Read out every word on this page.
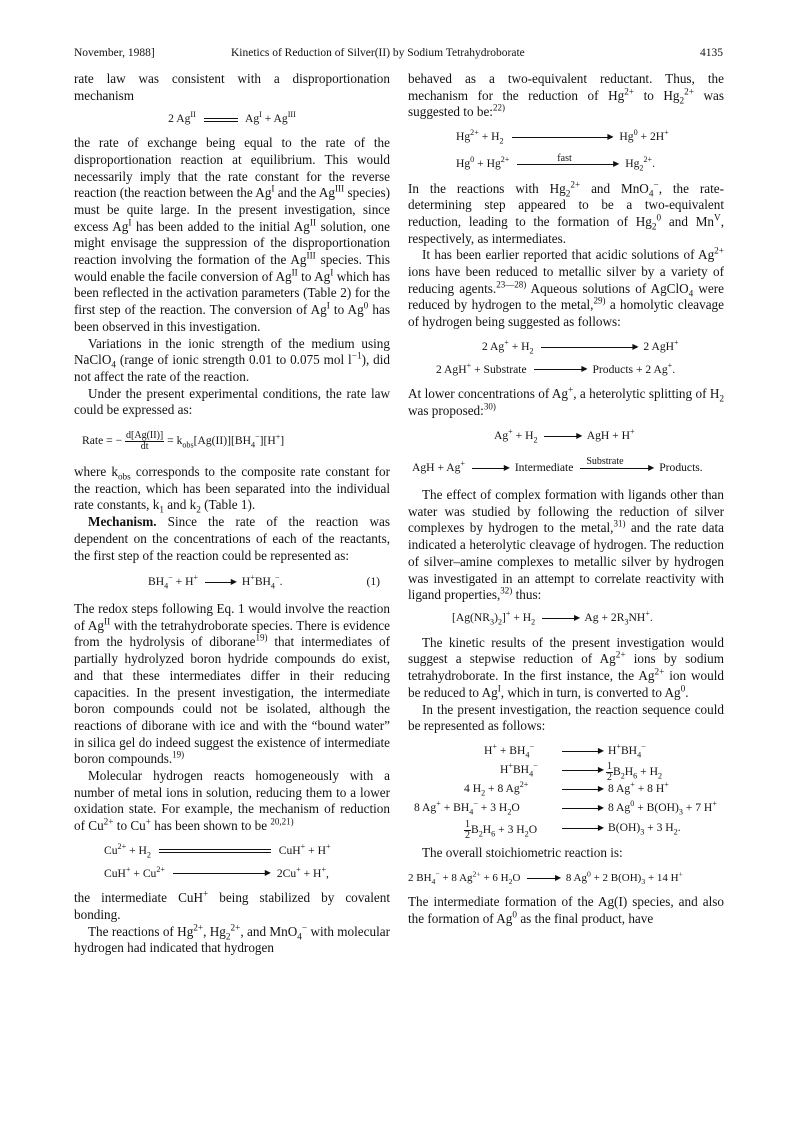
November, 1988]	Kinetics of Reduction of Silver(II) by Sodium Tetrahydroborate	4135

rate law was consistent with a disproportionation mechanism

2 $Ag^{II}$	$Ag^I + Ag^{III}$

the rate of exchange being equal to the rate of the disproportionation reaction at equilibrium. This would necessarily imply that the rate constant for the reverse reaction (the reaction between the $Ag^I$ and the $Ag^{III}$ species) must be quite large. In the present investigation, since excess $Ag^I$ has been added to the initial $Ag^{II}$ solution, one might envisage the suppression of the disproportionation reaction involving the formation of the $Ag^{III}$ species. This would enable the facile conversion of $Ag^{II}$ to $Ag^I$ which has been reflected in the activation parameters (Table 2) for the first step of the reaction. The conversion of $Ag^I$ to Ag$^0$ has been observed in this investigation.

Variations in the ionic strength of the medium using NaClO$_4$ (range of ionic strength 0.01 to 0.075 mol $l^{-1}$), did not affect the rate of the reaction.

Under the present experimental conditions, the rate law could be expressed as:

Rate = − $\frac{d[Ag(II)]}{dt} = k_{obs}[Ag(II)][BH_4^-][H^+]$

where $k_{obs}$ corresponds to the composite rate constant for the reaction, which has been separated into the individual rate constants, $k_1$ and $k_2$ (Table 1).

Mechanism. Since the rate of the reaction was dependent on the concentrations of each of the reactants, the first step of the reaction could be represented as:

$BH_4^- + H^+$	▶ $H^+BH_4^-$.	(1)

The redox steps following Eq. 1 would involve the reaction of $Ag^{II}$ with the tetrahydroborate species. There is evidence from the hydrolysis of diborane$^{19)}$ that intermediates of partially hydrolyzed boron hydride compounds do exist, and that these intermediates differ in their reducing capacities. In the present investigation, the intermediate boron compounds could not be isolated, although the reactions of diborane with ice and with the “bound water” in silica gel do indeed suggest the existence of intermediate boron compounds.$^{19)}$

Molecular hydrogen reacts homogeneously with a number of metal ions in solution, reducing them to a lower oxidation state. For example, the mechanism of reduction of $Cu^{2+}$ to Cu+ has been shown to be $^{20,21)}$

$Cu^{2+} + H_2$	CuH+ + H+
$CuH^+ + Cu^{2+}$	▶ 2Cu+ + H+,

the intermediate CuH+ being stabilized by covalent bonding.

The reactions of $Hg^{2+}$, $Hg_2^{2+}$, and MnO$_4$− with molecular hydrogen had indicated that hydrogen

behaved as a two-equivalent reductant. Thus, the mechanism for the reduction of $Hg^{2+}$ to $Hg_2^{2+}$ was suggested to be:$^{22)}$

$Hg^{2+} + H_2$	▶ $Hg^0 + 2H^+$
$Hg^0 + Hg^{2+}$	fast	▶ $Hg_2^{2+}$.

In the reactions with $Hg_2^{2+}$ and MnO$_4$−, the rate-determining step appeared to be a two-equivalent reduction, leading to the formation of $Hg_2^0$ and $Mn^V$, respectively, as intermediates.

It has been earlier reported that acidic solutions of $Ag^{2+}$ ions have been reduced to metallic silver by a variety of reducing agents.$^{23—28)}$ Aqueous solutions of AgClO$_4$ were reduced by hydrogen to the metal,$^{29)}$ a homolytic cleavage of hydrogen being suggested as follows:

2 $Ag^+ + H_2$	▶ 2 AgH+
2 AgH+ + Substrate	▶ Products + 2 Ag+.

At lower concentrations of Ag+, a heterolytic splitting of $H_2$ was proposed:$^{30)}$

$Ag^+ + H_2$	▶ AgH + H+
AgH + Ag+	▶ Intermediate Substrate
▶ Products.

The effect of complex formation with ligands other than water was studied by following the reduction of silver complexes by hydrogen to the metal,$^{31)}$ and the rate data indicated a heterolytic cleavage of hydrogen. The reduction of silver–amine complexes to metallic silver by hydrogen was investigated in an attempt to correlate reactivity with ligand properties,$^{32)}$ thus:

$[Ag(NR_3)_2]^+ + H_2$	▶ $Ag + 2R_3NH^+$.

The kinetic results of the present investigation would suggest a stepwise reduction of $Ag^{2+}$ ions by sodium tetrahydroborate. In the first instance, the $Ag^{2+}$ ion would be reduced to $Ag^I$, which in turn, is converted to Ag$^0$.

In the present investigation, the reaction sequence could be represented as follows:

$H^+ + BH_4^-$	▶ $H^+BH_4^-$
$H^+BH_4^-$	▶ $\frac{1}{2} B_2H_6 + H_2$
4 $H_2 + 8$ $Ag^{2+}$	▶ 8 Ag+ + 8 H+
8 $Ag^+ + BH_4^- + 3$ $H_2O$	▶ 8 $Ag^0 + B(OH)_3 + 7$ H+
$\frac{1}{2} B_2H_6 + 3$ $H_2O$	▶ $B(OH)_3 + 3$ $H_2$.

The overall stoichiometric reaction is:

2 $BH_4^- + 8$ $Ag^{2+} + 6$ $H_2O$	▶ 8 $Ag^0 + 2$ $B(OH)_3 + 14$ H+

The intermediate formation of the Ag(I) species, and also the formation of Ag$^0$ as the final product, have
